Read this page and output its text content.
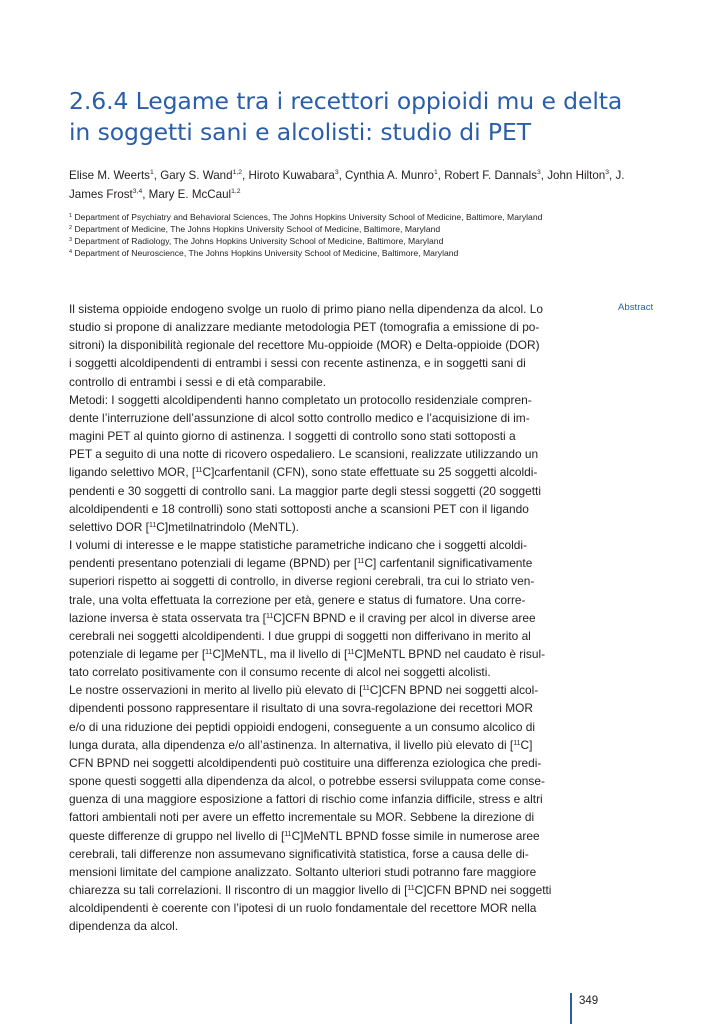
2.6.4 Legame tra i recettori oppioidi mu e delta
in soggetti sani e alcolisti: studio di PET
Elise M. Weerts$^1$, Gary S. Wand$^{1,2}$, Hiroto Kuwabara$^3$, Cynthia A. Munro$^1$, Robert F. Dannals$^3$, John Hilton$^3$, J.
James Frost$^{3,4}$, Mary E. McCaul$^{1,2}$
$^1$ Department of Psychiatry and Behavioral Sciences, The Johns Hopkins University School of Medicine, Baltimore, Maryland
$^2$ Department of Medicine, The Johns Hopkins University School of Medicine, Baltimore, Maryland
$^3$ Department of Radiology, The Johns Hopkins University School of Medicine, Baltimore, Maryland
$^4$ Department of Neuroscience, The Johns Hopkins University School of Medicine, Baltimore, Maryland
Abstract
Il sistema oppioide endogeno svolge un ruolo di primo piano nella dipendenza da alcol. Lo
studio si propone di analizzare mediante metodologia PET (tomografia a emissione di po-
sitroni) la disponibilità regionale del recettore Mu-oppioide (MOR) e Delta-oppioide (DOR)
i soggetti alcoldipendenti di entrambi i sessi con recente astinenza, e in soggetti sani di
controllo di entrambi i sessi e di età comparabile.
Metodi: I soggetti alcoldipendenti hanno completato un protocollo residenziale compren-
dente l’interruzione dell’assunzione di alcol sotto controllo medico e l’acquisizione di im-
magini PET al quinto giorno di astinenza. I soggetti di controllo sono stati sottoposti a
PET a seguito di una notte di ricovero ospedaliero. Le scansioni, realizzate utilizzando un
ligando selettivo MOR, [$^{11}$C]carfentanil (CFN), sono state effettuate su 25 soggetti alcoldi-
pendenti e 30 soggetti di controllo sani. La maggior parte degli stessi soggetti (20 soggetti
alcoldipendenti e 18 controlli) sono stati sottoposti anche a scansioni PET con il ligando
selettivo DOR [$^{11}$C]metilnatrindolo (MeNTL).
I volumi di interesse e le mappe statistiche parametriche indicano che i soggetti alcoldi-
pendenti presentano potenziali di legame (BPND) per [$^{11}$C] carfentanil significativamente
superiori rispetto ai soggetti di controllo, in diverse regioni cerebrali, tra cui lo striato ven-
trale, una volta effettuata la correzione per età, genere e status di fumatore. Una corre-
lazione inversa è stata osservata tra [$^{11}$C]CFN BPND e il craving per alcol in diverse aree
cerebrali nei soggetti alcoldipendenti. I due gruppi di soggetti non differivano in merito al
potenziale di legame per [$^{11}$C]MeNTL, ma il livello di [$^{11}$C]MeNTL BPND nel caudato è risul-
tato correlato positivamente con il consumo recente di alcol nei soggetti alcolisti.
Le nostre osservazioni in merito al livello più elevato di [$^{11}$C]CFN BPND nei soggetti alcol-
dipendenti possono rappresentare il risultato di una sovra-regolazione dei recettori MOR
e/o di una riduzione dei peptidi oppioidi endogeni, conseguente a un consumo alcolico di
lunga durata, alla dipendenza e/o all’astinenza. In alternativa, il livello più elevato di [$^{11}$C]
CFN BPND nei soggetti alcoldipendenti può costituire una differenza eziologica che predi-
spone questi soggetti alla dipendenza da alcol, o potrebbe essersi sviluppata come conse-
guenza di una maggiore esposizione a fattori di rischio come infanzia difficile, stress e altri
fattori ambientali noti per avere un effetto incrementale su MOR. Sebbene la direzione di
queste differenze di gruppo nel livello di [$^{11}$C]MeNTL BPND fosse simile in numerose aree
cerebrali, tali differenze non assumevano significatività statistica, forse a causa delle di-
mensioni limitate del campione analizzato. Soltanto ulteriori studi potranno fare maggiore
chiarezza su tali correlazioni. Il riscontro di un maggior livello di [$^{11}$C]CFN BPND nei soggetti
alcoldipendenti è coerente con l’ipotesi di un ruolo fondamentale del recettore MOR nella
dipendenza da alcol.
349
